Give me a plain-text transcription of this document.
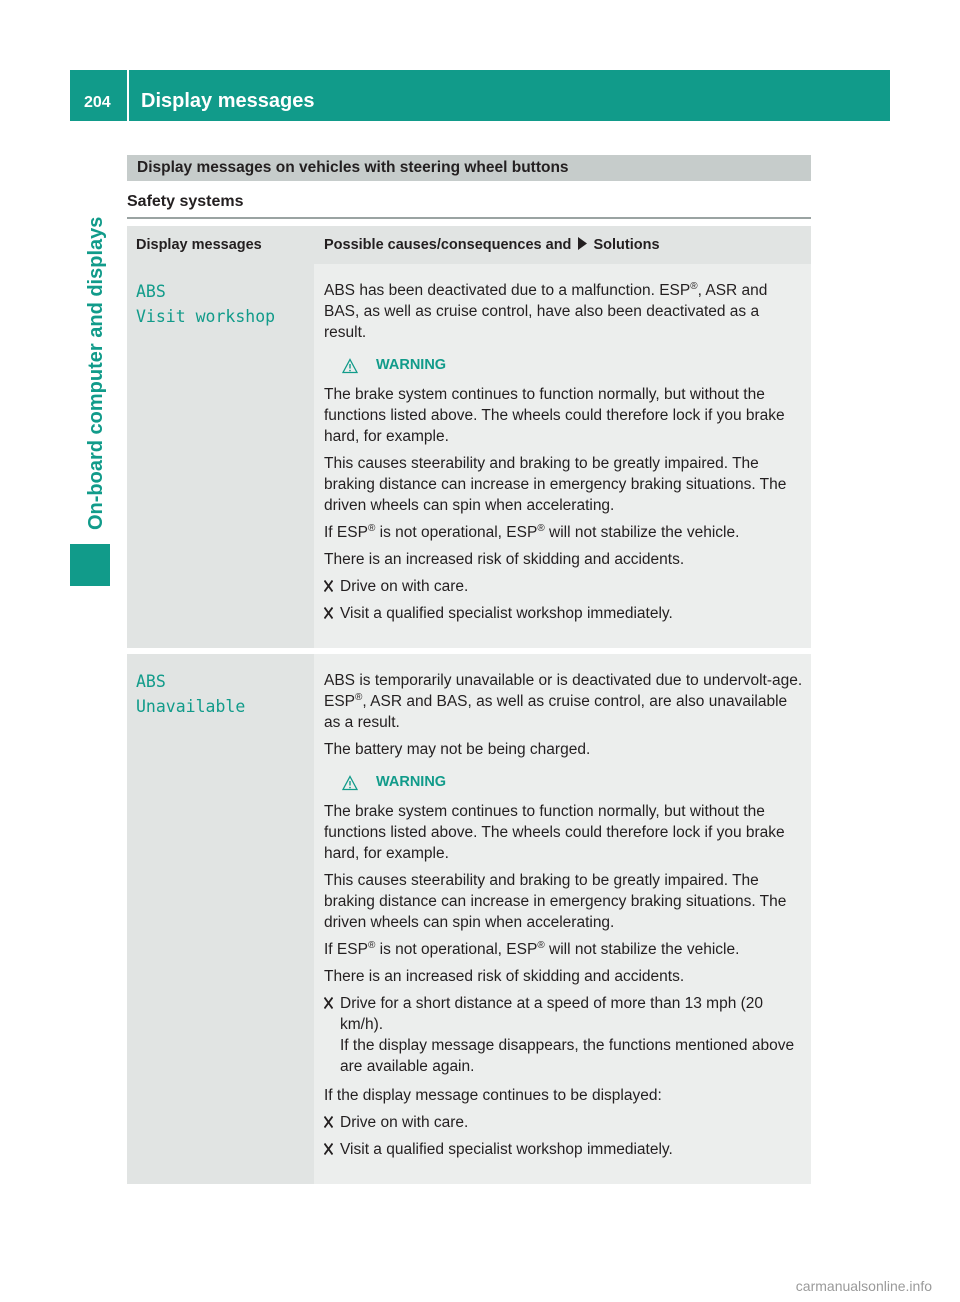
204	Display messages
On-board computer and displays
Display messages on vehicles with steering wheel buttons
Safety systems
Display messages	Possible causes/consequences and Solutions
ABS
Visit workshop
ABS has been deactivated due to a malfunction. ESP®, ASR and BAS, as well as cruise control, have also been deactivated as a result.
WARNING
The brake system continues to function normally, but without the functions listed above. The wheels could therefore lock if you brake hard, for example.
This causes steerability and braking to be greatly impaired. The braking distance can increase in emergency braking situations. The driven wheels can spin when accelerating.
If ESP® is not operational, ESP® will not stabilize the vehicle.
There is an increased risk of skidding and accidents.
Drive on with care.
Visit a qualified specialist workshop immediately.
ABS
Unavailable
ABS is temporarily unavailable or is deactivated due to undervolt-age. ESP®, ASR and BAS, as well as cruise control, are also unavailable as a result.
The battery may not be being charged.
WARNING
The brake system continues to function normally, but without the functions listed above. The wheels could therefore lock if you brake hard, for example.
This causes steerability and braking to be greatly impaired. The braking distance can increase in emergency braking situations. The driven wheels can spin when accelerating.
If ESP® is not operational, ESP® will not stabilize the vehicle.
There is an increased risk of skidding and accidents.
Drive for a short distance at a speed of more than 13 mph (20 km/h).
If the display message disappears, the functions mentioned above are available again.
If the display message continues to be displayed:
Drive on with care.
Visit a qualified specialist workshop immediately.
carmanualsonline.info
